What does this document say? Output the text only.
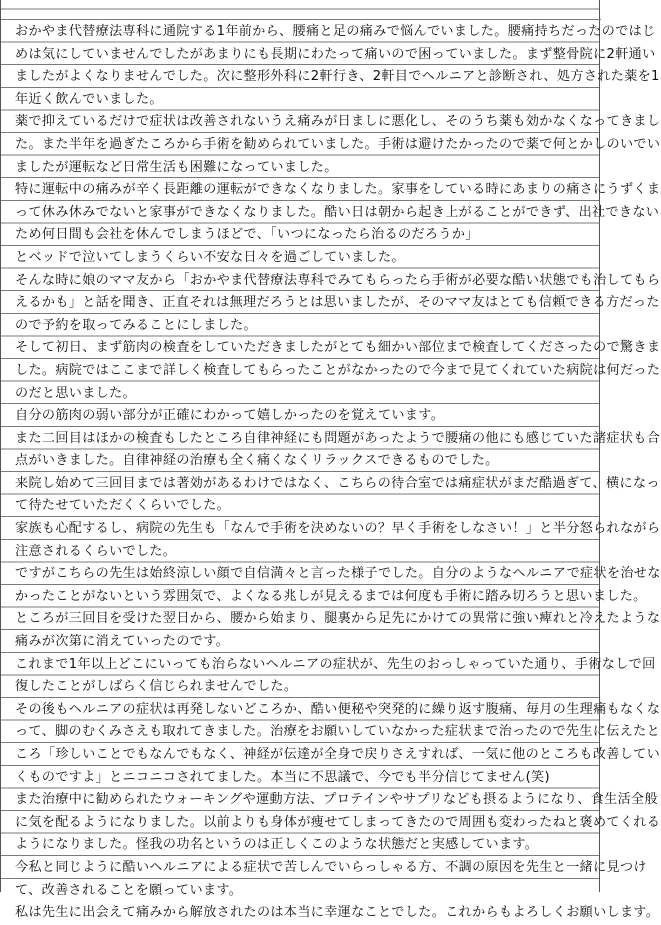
おかやま代替療法専科に通院する1年前から、腰痛と足の痛みで悩んでいました。腰痛持ちだったのではじ
めは気にしていませんでしたがあまりにも長期にわたって痛いので困っていました。まず整骨院に2軒通い
ましたがよくなりませんでした。次に整形外科に2軒行き、2軒目でヘルニアと診断され、処方された薬を1
年近く飲んでいました。
薬で抑えているだけで症状は改善されないうえ痛みが日ましに悪化し、そのうち薬も効かなくなってきまし
た。また半年を過ぎたころから手術を勧められていました。手術は避けたかったので薬で何とかしのいでい
ましたが運転など日常生活も困難になっていました。
特に運転中の痛みが辛く長距離の運転ができなくなりました。家事をしている時にあまりの痛さにうずくま
って休み休みでないと家事ができなくなりました。酷い日は朝から起き上がることができず、出社できない
ため何日間も会社を休んでしまうほどで、「いつになったら治るのだろうか」
とベッドで泣いてしまうくらい不安な日々を過ごしていました。
そんな時に娘のママ友から「おかやま代替療法専科でみてもらったら手術が必要な酷い状態でも治してもら
えるかも」と話を聞き、正直それは無理だろうとは思いましたが、そのママ友はとても信頼できる方だった
ので予約を取ってみることにしました。
そして初日、まず筋肉の検査をしていただきましたがとても細かい部位まで検査してくださったので驚きま
した。病院ではここまで詳しく検査してもらったことがなかったので今まで見てくれていた病院は何だった
のだと思いました。
自分の筋肉の弱い部分が正確にわかって嬉しかったのを覚えています。
また二回目はほかの検査もしたところ自律神経にも問題があったようで腰痛の他にも感じていた諸症状も合
点がいきました。自律神経の治療も全く痛くなくリラックスできるものでした。
来院し始めて三回目までは著効があるわけではなく、こちらの待合室では痛症状がまだ酷過ぎて、横になっ
て待たせていただくくらいでした。
家族も心配するし、病院の先生も「なんで手術を決めないの？早く手術をしなさい！」と半分怒られながら
注意されるくらいでした。
ですがこちらの先生は始終涼しい顔で自信満々と言った様子でした。自分のようなヘルニアで症状を治せな
かったことがないという雰囲気で、よくなる兆しが見えるまでは何度も手術に踏み切ろうと思いました。
ところが三回目を受けた翌日から、腰から始まり、腿裏から足先にかけての異常に強い痺れと冷えたような
痛みが次第に消えていったのです。
これまで1年以上どこにいっても治らないヘルニアの症状が、先生のおっしゃっていた通り、手術なしで回
復したことがしばらく信じられませんでした。
その後もヘルニアの症状は再発しないどころか、酷い便秘や突発的に繰り返す腹痛、毎月の生理痛もなくな
って、脚のむくみさえも取れてきました。治療をお願いしていなかった症状まで治ったので先生に伝えたと
ころ「珍しいことでもなんでもなく、神経が伝達が全身で戻りさえすれば、一気に他のところも改善してい
くものですよ」とニコニコされてました。本当に不思議で、今でも半分信じてません(笑)
また治療中に勧められたウォーキングや運動方法、プロテインやサプリなども摂るようになり、食生活全般
に気を配るようになりました。以前よりも身体が痩せてしまってきたので周囲も変わったねと褒めてくれる
ようになりました。怪我の功名というのは正しくこのような状態だと実感しています。
今私と同じように酷いヘルニアによる症状で苦しんでいらっしゃる方、不調の原因を先生と一緒に見つけ
て、改善されることを願っています。
私は先生に出会えて痛みから解放されたのは本当に幸運なことでした。これからもよろしくお願いします。
